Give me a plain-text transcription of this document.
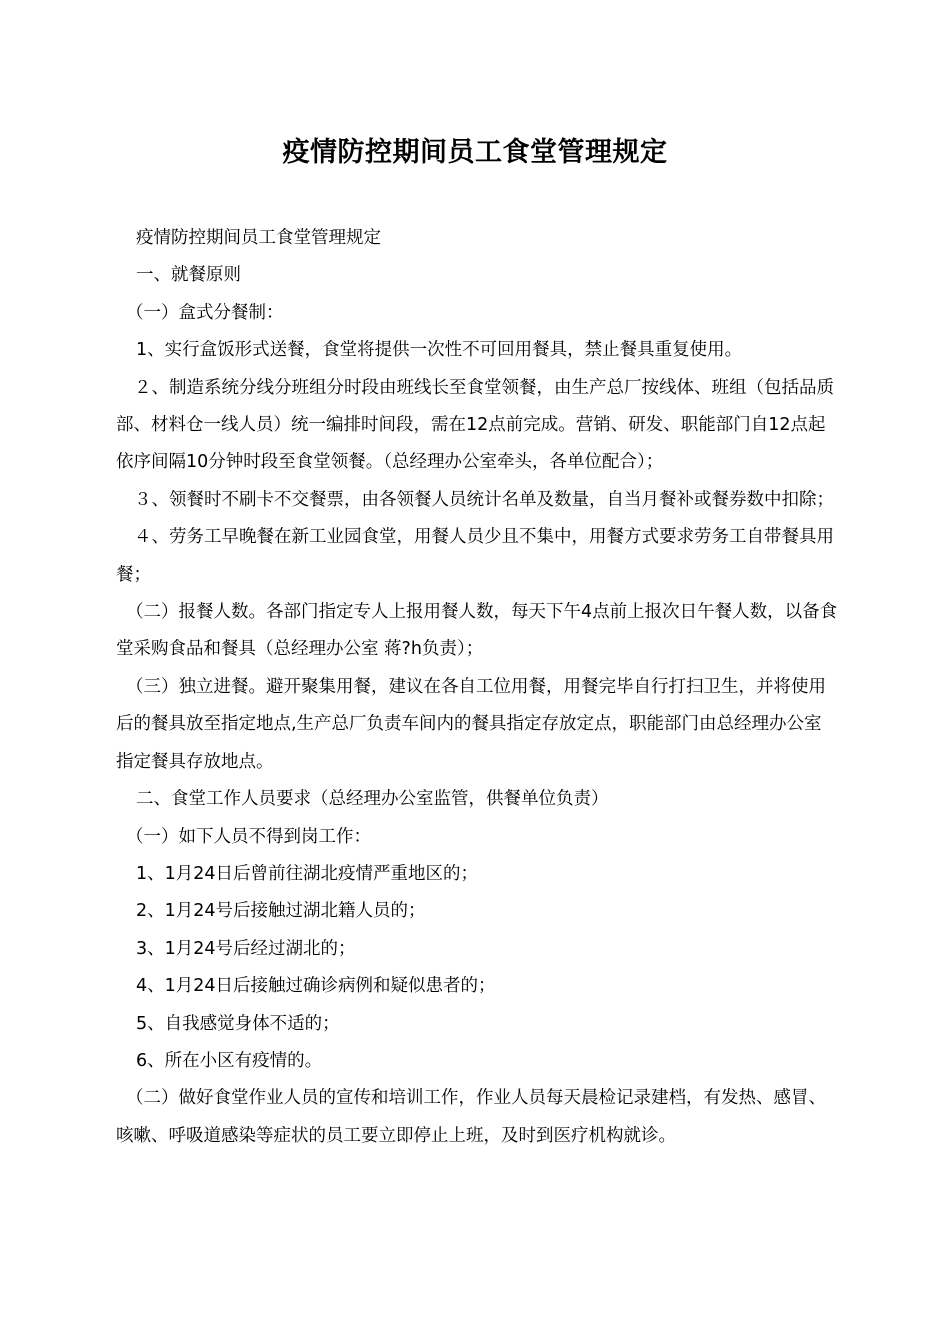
疫情防控期间员工食堂管理规定

疫情防控期间员工食堂管理规定

一、就餐原则

（一）盒式分餐制：

1、实行盒饭形式送餐，食堂将提供一次性不可回用餐具，禁止餐具重复使用。

２、制造系统分线分班组分时段由班线长至食堂领餐，由生产总厂按线体、班组（包括品质部、材料仓一线人员）统一编排时间段，需在12点前完成。营销、研发、职能部门自12点起依序间隔10分钟时段至食堂领餐。（总经理办公室牵头，各单位配合）；

３、领餐时不刷卡不交餐票，由各领餐人员统计名单及数量，自当月餐补或餐券数中扣除；

４、劳务工早晚餐在新工业园食堂，用餐人员少且不集中，用餐方式要求劳务工自带餐具用餐；

（二）报餐人数。各部门指定专人上报用餐人数，每天下午4点前上报次日午餐人数，以备食堂采购食品和餐具（总经理办公室 蒋?h负责）；

（三）独立进餐。避开聚集用餐，建议在各自工位用餐，用餐完毕自行打扫卫生，并将使用后的餐具放至指定地点,生产总厂负责车间内的餐具指定存放定点，职能部门由总经理办公室指定餐具存放地点。

二、食堂工作人员要求（总经理办公室监管，供餐单位负责）

（一）如下人员不得到岗工作：

1、1月24日后曾前往湖北疫情严重地区的；

2、1月24号后接触过湖北籍人员的；

3、1月24号后经过湖北的；

4、1月24日后接触过确诊病例和疑似患者的；

5、自我感觉身体不适的；

6、所在小区有疫情的。

（二）做好食堂作业人员的宣传和培训工作，作业人员每天晨检记录建档，有发热、感冒、咳嗽、呼吸道感染等症状的员工要立即停止上班，及时到医疗机构就诊。
